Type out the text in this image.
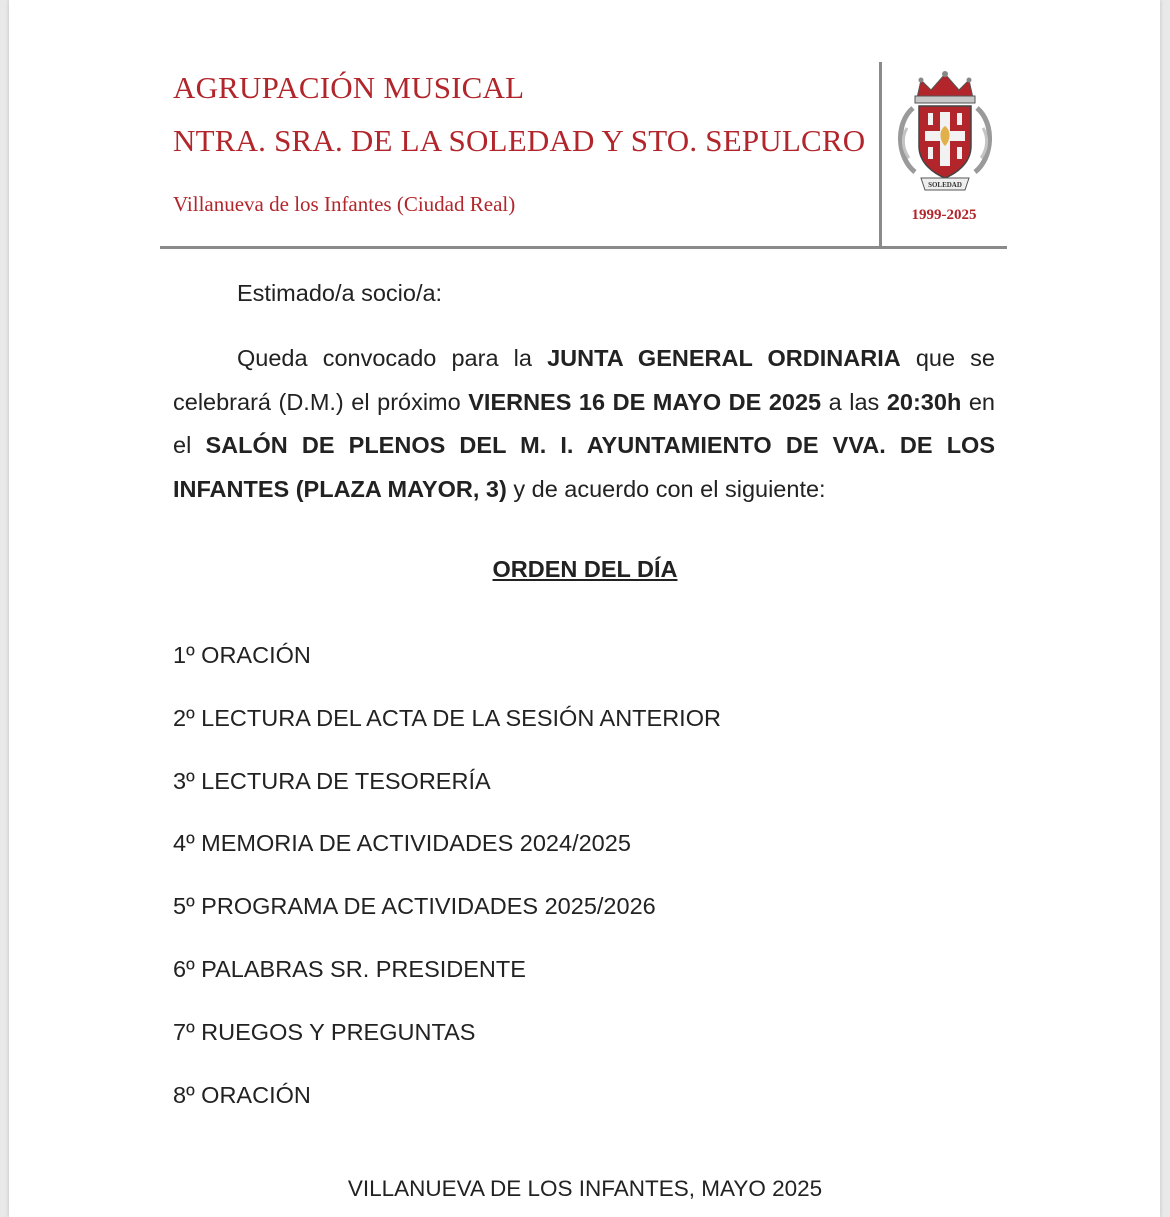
AGRUPACIÓN MUSICAL
NTRA. SRA. DE LA SOLEDAD Y STO. SEPULCRO

Villanueva de los Infantes (Ciudad Real)

SOLEDAD
1999-2025

Estimado/a socio/a:

Queda convocado para la JUNTA GENERAL ORDINARIA que se celebrará (D.M.) el próximo VIERNES 16 DE MAYO DE 2025 a las 20:30h en el SALÓN DE PLENOS DEL M. I. AYUNTAMIENTO DE VVA. DE LOS INFANTES (PLAZA MAYOR, 3) y de acuerdo con el siguiente:

ORDEN DEL DÍA
1º ORACIÓN
2º LECTURA DEL ACTA DE LA SESIÓN ANTERIOR
3º LECTURA DE TESORERÍA
4º MEMORIA DE ACTIVIDADES 2024/2025
5º PROGRAMA DE ACTIVIDADES 2025/2026
6º PALABRAS SR. PRESIDENTE
7º RUEGOS Y PREGUNTAS
8º ORACIÓN

VILLANUEVA DE LOS INFANTES, MAYO 2025
